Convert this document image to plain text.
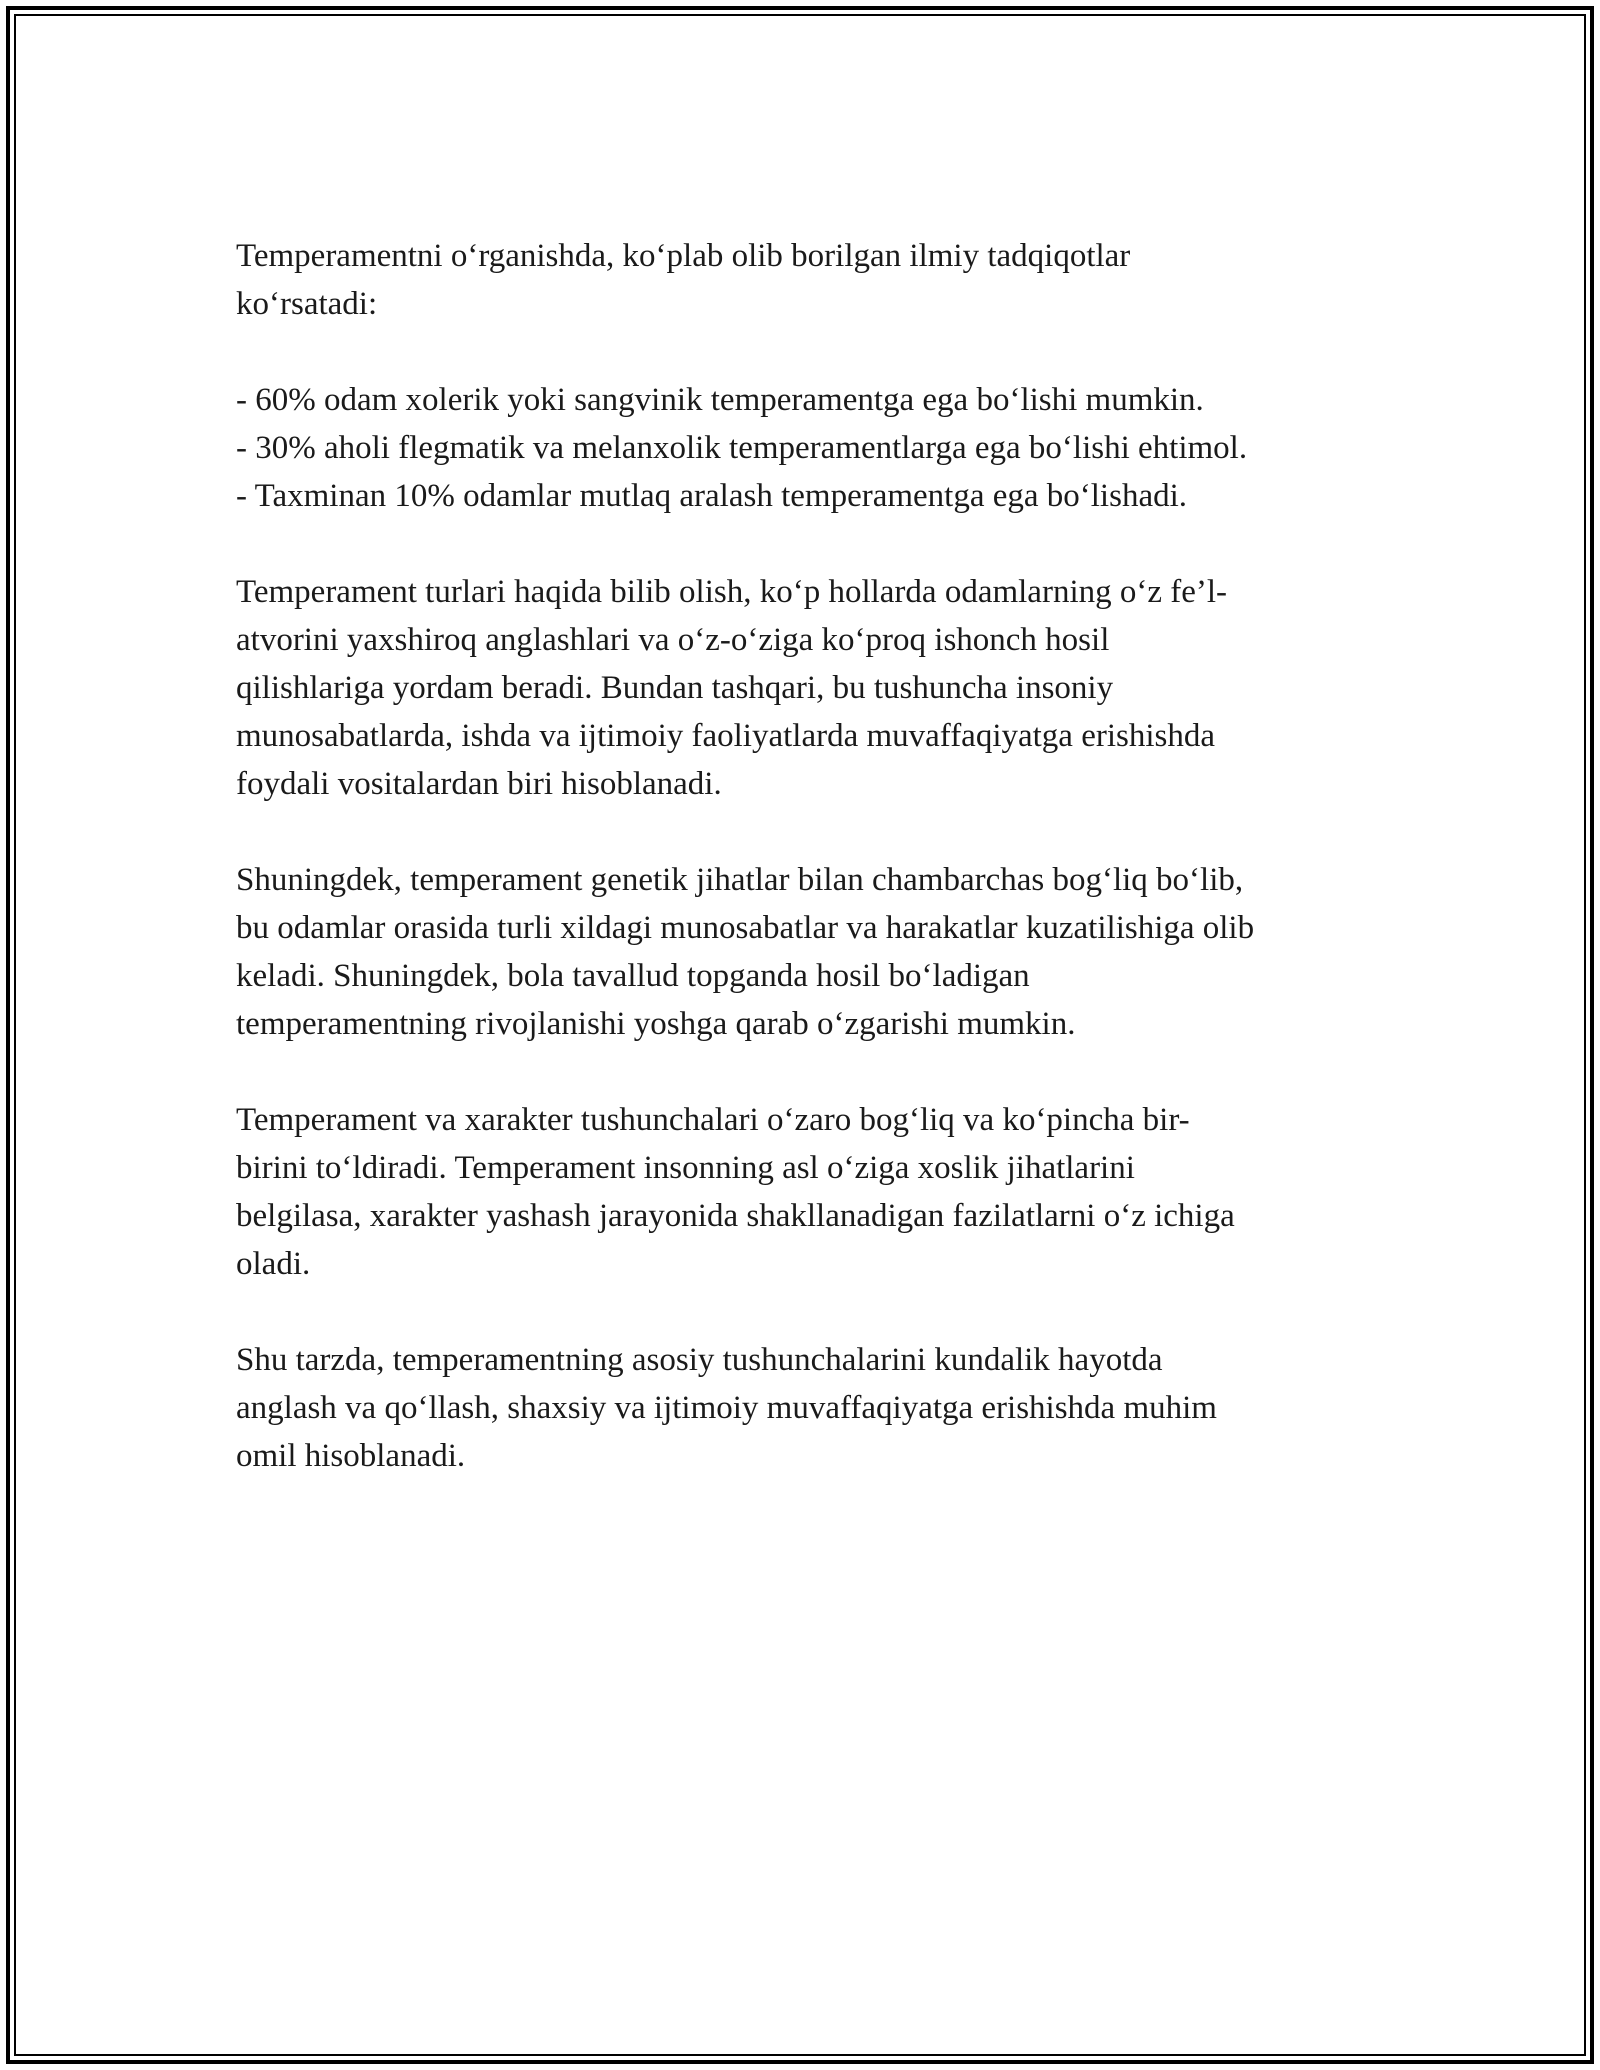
Temperamentni o‘rganishda, ko‘plab olib borilgan ilmiy tadqiqotlar
ko‘rsatadi:

- 60% odam xolerik yoki sangvinik temperamentga ega bo‘lishi mumkin.
- 30% aholi flegmatik va melanxolik temperamentlarga ega bo‘lishi ehtimol.
- Taxminan 10% odamlar mutlaq aralash temperamentga ega bo‘lishadi.

Temperament turlari haqida bilib olish, ko‘p hollarda odamlarning o‘z fe’l-
atvorini yaxshiroq anglashlari va o‘z-o‘ziga ko‘proq ishonch hosil
qilishlariga yordam beradi. Bundan tashqari, bu tushuncha insoniy
munosabatlarda, ishda va ijtimoiy faoliyatlarda muvaffaqiyatga erishishda
foydali vositalardan biri hisoblanadi.

Shuningdek, temperament genetik jihatlar bilan chambarchas bog‘liq bo‘lib,
bu odamlar orasida turli xildagi munosabatlar va harakatlar kuzatilishiga olib
keladi. Shuningdek, bola tavallud topganda hosil bo‘ladigan
temperamentning rivojlanishi yoshga qarab o‘zgarishi mumkin.

Temperament va xarakter tushunchalari o‘zaro bog‘liq va ko‘pincha bir-
birini to‘ldiradi. Temperament insonning asl o‘ziga xoslik jihatlarini
belgilasa, xarakter yashash jarayonida shakllanadigan fazilatlarni o‘z ichiga
oladi.

Shu tarzda, temperamentning asosiy tushunchalarini kundalik hayotda
anglash va qo‘llash, shaxsiy va ijtimoiy muvaffaqiyatga erishishda muhim
omil hisoblanadi.
